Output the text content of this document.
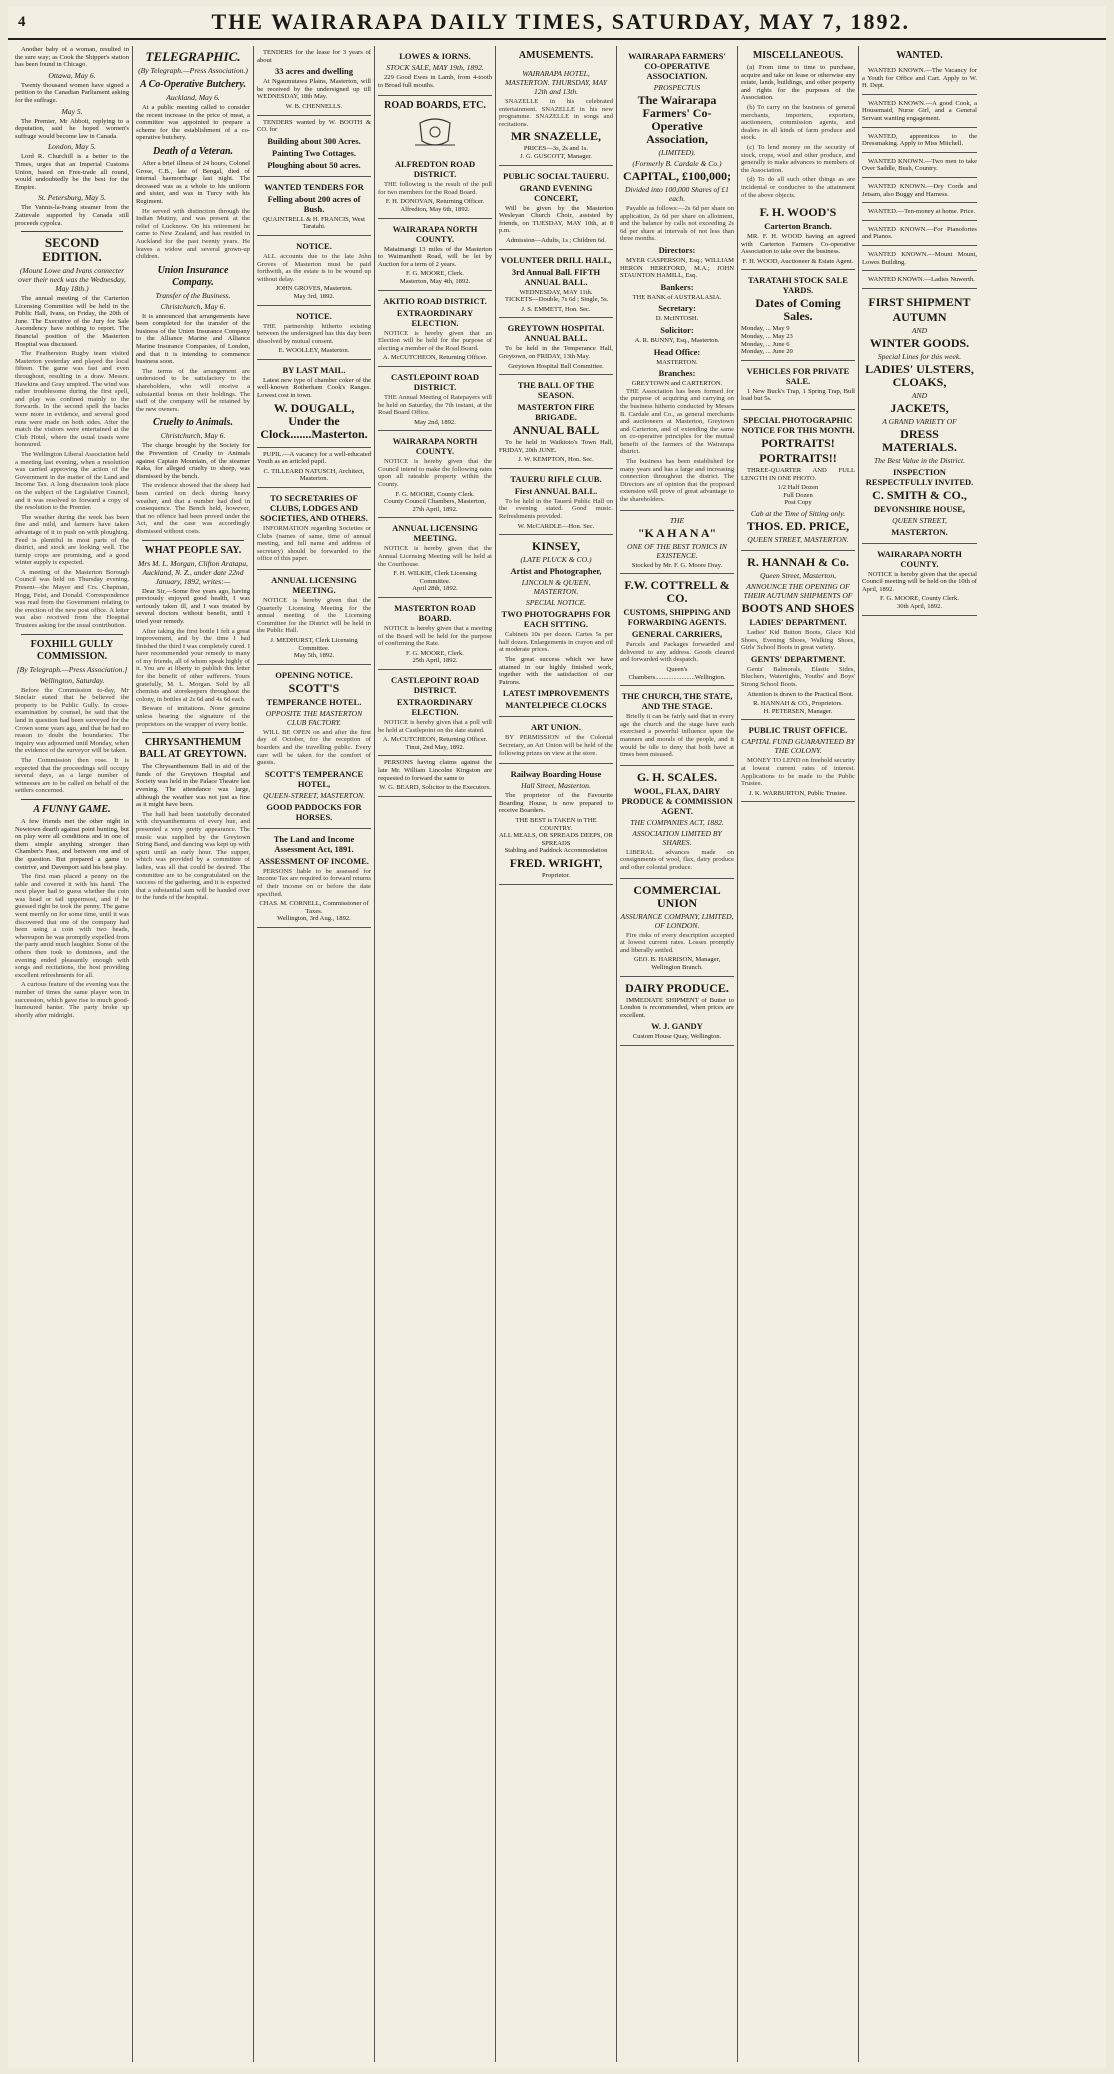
4	THE WAIRARAPA DAILY TIMES, SATURDAY, MAY 7, 1892.

Another baby of a woman, resulted in the sure way; as Cook the Shipper's station has been found in Chicago.

Ottawa, May 6.

Twenty thousand women have signed a petition to the Canadian Parliament asking for the suffrage.

May 5.

The Premier, Mr Abbott, replying to a deputation, said he hoped women's suffrage would become law in Canada.

London, May 5.

Lord R. Churchill is a better to the Times, urges that an Imperial Customs Union, based on Free-trade all round, would undoubtedly be the best for the Empire.

St. Petersburg, May 5.

The Vannis-la-Ivang steamer from the Zattevale supported by Canada still proceeds cypolca.

SECOND EDITION.
(Mount Lowe and Ivans connecter over their neck was the Wednesday, May 18th.)

The annual meeting of the Carterton Licensing Committee will be held in the Public Hall, Ivans, on Friday, the 20th of June. The Executive of the Jury for Sale Ascendency have nothing to report. The financial position of the Masterton Hospital was discussed.

The Featherston Rugby team visited Masterton yesterday and played the local fifteen. The game was fast and even throughout, resulting in a draw. Messrs. Hawkins and Gray umpired. The wind was rather troublesome during the first spell, and play was confined mainly to the forwards. In the second spell the backs were more in evidence, and several good runs were made on both sides. After the match the visitors were entertained at the Club Hotel, where the usual toasts were honoured.

The Wellington Liberal Association held a meeting last evening, when a resolution was carried approving the action of the Government in the matter of the Land and Income Tax. A long discussion took place on the subject of the Legislative Council, and it was resolved to forward a copy of the resolution to the Premier.

The weather during the week has been fine and mild, and farmers have taken advantage of it to push on with ploughing. Feed is plentiful in most parts of the district, and stock are looking well. The turnip crops are promising, and a good winter supply is expected.

A meeting of the Masterton Borough Council was held on Thursday evening. Present—the Mayor and Crs. Chapman, Hogg, Feist, and Donald. Correspondence was read from the Government relating to the erection of the new post office. A letter was also received from the Hospital Trustees asking for the usual contribution.

FOXHILL GULLY COMMISSION.
[By Telegraph.—Press Association.]
Wellington, Saturday.

Before the Commission to-day, Mr Sinclair stated that he believed the property to be Public Gully. In cross-examination by counsel, he said that the land in question had been surveyed for the Crown some years ago, and that he had no reason to doubt the boundaries. The inquiry was adjourned until Monday, when the evidence of the surveyor will be taken.

The Commission then rose. It is expected that the proceedings will occupy several days, as a large number of witnesses are to be called on behalf of the settlers concerned.

A FUNNY GAME.

A few friends met the other night in Newtown dearth against point hunting, but on play were all conditions and in one of them simple anything stronger than Chamber's Pass, and between one and of the question. But prepared a game to contrive, and Davenport said his best play.

The first man placed a penny on the table and covered it with his hand. The next player had to guess whether the coin was head or tail uppermost, and if he guessed right he took the penny. The game went merrily on for some time, until it was discovered that one of the company had been using a coin with two heads, whereupon he was promptly expelled from the party amid much laughter. Some of the others then took to dominoes, and the evening ended pleasantly enough with songs and recitations, the host providing excellent refreshments for all.

A curious feature of the evening was the number of times the same player won in succession, which gave rise to much good-humoured banter. The party broke up shortly after midnight.

TELEGRAPHIC.
(By Telegraph.—Press Association.)
A Co-Operative Butchery.
Auckland, May 6.

At a public meeting called to consider the recent increase in the price of meat, a committee was appointed to prepare a scheme for the establishment of a co-operative butchery.

Death of a Veteran.

After a brief illness of 24 hours, Colonel Grose, C.B., late of Bengal, died of internal haemorrhage last night. The deceased was as a whole to his uniform and sister, and was in Turcy with his Regiment.

He served with distinction through the Indian Mutiny, and was present at the relief of Lucknow. On his retirement he came to New Zealand, and has resided in Auckland for the past twenty years. He leaves a widow and several grown-up children.

Union Insurance Company.
Transfer of the Business.
Christchurch, May 6.

It is announced that arrangements have been completed for the transfer of the business of the Union Insurance Company to the Alliance Marine and Alliance Marine Insurance Companies, of London, and that it is intending to commence business soon.

The terms of the arrangement are understood to be satisfactory to the shareholders, who will receive a substantial bonus on their holdings. The staff of the company will be retained by the new owners.

Cruelty to Animals.
Christchurch, May 6.

The charge brought by the Society for the Prevention of Cruelty to Animals against Captain Mountain, of the steamer Kaka, for alleged cruelty to sheep, was dismissed by the bench.

The evidence showed that the sheep had been carried on deck during heavy weather, and that a number had died in consequence. The Bench held, however, that no offence had been proved under the Act, and the case was accordingly dismissed without costs.

WHAT PEOPLE SAY.
Mrs M. L. Morgan, Clifton Aratapu, Auckland, N. Z., under date 22nd January, 1892, writes:—

Dear Sir,—Some five years ago, having previously enjoyed good health, I was seriously taken ill, and I was treated by several doctors without benefit, until I tried your remedy.

After taking the first bottle I felt a great improvement, and by the time I had finished the third I was completely cured. I have recommended your remedy to many of my friends, all of whom speak highly of it. You are at liberty to publish this letter for the benefit of other sufferers. Yours gratefully, M. L. Morgan. Sold by all chemists and storekeepers throughout the colony, in bottles at 2s 6d and 4s 6d each.

Beware of imitations. None genuine unless bearing the signature of the proprietors on the wrapper of every bottle.

CHRYSANTHEMUM BALL AT GREYTOWN.

The Chrysanthemum Ball in aid of the funds of the Greytown Hospital and Society was held in the Palace Theatre last evening. The attendance was large, although the weather was not just as fine as it might have been.

The hall had been tastefully decorated with chrysanthemums of every hue, and presented a very pretty appearance. The music was supplied by the Greytown String Band, and dancing was kept up with spirit until an early hour. The supper, which was provided by a committee of ladies, was all that could be desired. The committee are to be congratulated on the success of the gathering, and it is expected that a substantial sum will be handed over to the funds of the hospital.

TENDERS for the lease for 3 years of about

33 acres and dwelling

At Ngaumutawa Plains, Masterton, will be received by the undersigned up till WEDNESDAY, 18th May.

W. B. CHENNELLS.

TENDERS wanted by W. BOOTH & CO. for

Building about 300 Acres.
Painting Two Cottages.
Ploughing about 50 acres.
WANTED TENDERS FOR
Felling about 200 acres of Bush.
QUAINTRELL & H. FRANCIS, West Taratahi.
NOTICE.

ALL accounts due to the late John Groves of Masterton must be paid forthwith, as the estate is to be wound up without delay.

JOHN GROVES, Masterton.
May 3rd, 1892.
NOTICE.

THE partnership hitherto existing between the undersigned has this day been dissolved by mutual consent.

E. WOOLLEY, Masterton.
BY LAST MAIL.

Latest new type of chamber coker of the well-known Rotherham Cook's Ranges. Lowest cost in town.

W. DOUGALL, Under the Clock.......Masterton.

PUPIL.—A vacancy for a well-educated Youth as an articled pupil.

C. TILLEARD NATUSCH, Architect, Masterton.
TO SECRETARIES OF CLUBS, LODGES AND SOCIETIES, AND OTHERS.

INFORMATION regarding Societies or Clubs (names of same, time of annual meeting, and full name and address of secretary) should be forwarded to the office of this paper.

ANNUAL LICENSING MEETING.

NOTICE is hereby given that the Quarterly Licensing Meeting for the annual meeting of the Licensing Committee for the District will be held in the Public Hall.

J. MEDHURST, Clerk Licensing Committee.
May 5th, 1892.
OPENING NOTICE.
SCOTT'S
TEMPERANCE HOTEL.
OPPOSITE THE MASTERTON CLUB FACTORY.

WILL BE OPEN on and after the first day of October, for the reception of boarders and the travelling public. Every care will be taken for the comfort of guests.

SCOTT'S TEMPERANCE HOTEL,
QUEEN-STREET, MASTERTON.
GOOD PADDOCKS FOR HORSES.
The Land and Income Assessment Act, 1891.
ASSESSMENT OF INCOME.

PERSONS liable to be assessed for Income Tax are required to forward returns of their income on or before the date specified.

CHAS. M. CORNELL, Commissioner of Taxes.
Wellington, 3rd Aug., 1892.
LOWES & IORNS.
STOCK SALE, MAY 19th, 1892.

229 Good Ewes in Lamb, from 4-tooth to Broad full mouths.

ROAD BOARDS, ETC.
ALFREDTON ROAD DISTRICT.

THE following is the result of the poll for two members for the Road Board.

F. H. DONOVAN, Returning Officer.
Alfredton, May 6th, 1892.
WAIRARAPA NORTH COUNTY.

Mataimangi 13 miles of the Masterton to Waimanihoti Road, will be let by Auction for a term of 2 years.

F. G. MOORE, Clerk.
Masterton, May 4th, 1892.
AKITIO ROAD DISTRICT.
EXTRAORDINARY ELECTION.

NOTICE is hereby given that an Election will be held for the purpose of electing a member of the Road Board.

A. McCUTCHEON, Returning Officer.
CASTLEPOINT ROAD DISTRICT.

THE Annual Meeting of Ratepayers will be held on Saturday, the 7th instant, at the Road Board Office.

May 2nd, 1892.
WAIRARAPA NORTH COUNTY.

NOTICE is hereby given that the Council intend to make the following rates upon all rateable property within the County.

F. G. MOORE, County Clerk.
County Council Chambers, Masterton, 27th April, 1892.
ANNUAL LICENSING MEETING.

NOTICE is hereby given that the Annual Licensing Meeting will be held at the Courthouse.

F. H. WILKIE, Clerk Licensing Committee.
April 28th, 1892.
MASTERTON ROAD BOARD.

NOTICE is hereby given that a meeting of the Board will be held for the purpose of confirming the Rate.

F. G. MOORE, Clerk.
25th April, 1892.
CASTLEPOINT ROAD DISTRICT.
EXTRAORDINARY ELECTION.

NOTICE is hereby given that a poll will be held at Castlepoint on the date stated.

A. McCUTCHEON, Returning Officer.
Tinui, 2nd May, 1892.

PERSONS having claims against the late Mr. William Lincolne Kingston are requested to forward the same to

W. G. BEARD, Solicitor to the Executors.
AMUSEMENTS.
WAIRARAPA HOTEL, MASTERTON. THURSDAY, MAY 12th and 13th.

SNAZELLE in his celebrated entertainment. SNAZELLE in his new programme. SNAZELLE in songs and recitations.

MR SNAZELLE,
PRICES—3s, 2s and 1s.
J. G. GUSCOTT, Manager.
PUBLIC SOCIAL TAUERU.
GRAND EVENING CONCERT,

Will be given by the Masterton Wesleyan Church Choir, assisted by friends, on TUESDAY, MAY 10th, at 8 p.m.

Admission—Adults, 1s ; Children 6d.
VOLUNTEER DRILL HALL,
3rd Annual Ball. FIFTH ANNUAL BALL.
WEDNESDAY, MAY 11th.

TICKETS—Double, 7s 6d ; Single, 5s.

J. S. EMMETT, Hon. Sec.
GREYTOWN HOSPITAL ANNUAL BALL.

To be held in the Temperance Hall, Greytown, on FRIDAY, 13th May.

Greytown Hospital Ball Committee.
THE BALL OF THE SEASON.
MASTERTON FIRE BRIGADE.
ANNUAL BALL

To be held in Waiktoto's Town Hall, FRIDAY, 20th JUNE.

J. W. KEMPTON, Hon. Sec.
TAUERU RIFLE CLUB.
First ANNUAL BALL.

To be held in the Tauerú Public Hall on the evening stated. Good music. Refreshments provided.

W. McCARDLE—Hon. Sec.
KINSEY,
(LATE PLUCK & CO.)
Artist and Photographer,
LINCOLN & QUEEN, MASTERTON.
SPECIAL NOTICE.
TWO PHOTOGRAPHS FOR EACH SITTING.

Cabinets 10s per dozen. Cartes 5s per half dozen. Enlargements in crayon and oil at moderate prices.

The great success which we have attained in our highly finished work, together with the satisfaction of our Patrons.

LATEST IMPROVEMENTS
MANTELPIECE CLOCKS
ART UNION.

BY PERMISSION of the Colonial Secretary, an Art Union will be held of the following prizes on view at the store.

Railway Boarding House
Hall Street, Masterton.

The proprietor of the Favourite Boarding House, is now prepared to receive Boarders.

THE BEST is TAKEN in THE COUNTRY.
ALL MEALS, OR SPREADS DEEPS, OR SPREADS
Stabling and Paddock Accommodation
FRED. WRIGHT,
Proprietor.
WAIRARAPA FARMERS' CO-OPERATIVE ASSOCIATION.
PROSPECTUS
The Wairarapa Farmers' Co-Operative Association,
(LIMITED).
(Formerly B. Cardale & Co.)
CAPITAL, £100,000;
Divided into 100,000 Shares of £1 each.

Payable as follows:—2s 6d per share on application, 2s 6d per share on allotment, and the balance by calls not exceeding 2s 6d per share at intervals of not less than three months.

Directors:

MYER CASPERSON, Esq.; WILLIAM HERON HEREFORD, M.A.; JOHN STAUNTON HAMILL, Esq.

Bankers:
THE BANK of AUSTRALASIA.
Secretary:
D. McINTOSH.
Solicitor:
A. R. BUNNY, Esq., Masterton.
Head Office:
MASTERTON.
Branches:
GREYTOWN and CARTERTON.

THE Association has been formed for the purpose of acquiring and carrying on the business hitherto conducted by Messrs B. Cardale and Co., as general merchants and auctioneers at Masterton, Greytown and Carterton, and of extending the same on co-operative principles for the mutual benefit of the farmers of the Wairarapa district.

The business has been established for many years and has a large and increasing connection throughout the district. The Directors are of opinion that the proposed extension will prove of great advantage to the shareholders.

THE
"K A H A N A"
ONE OF THE BEST TONICS IN EXISTENCE.
Stocked by Mr. F. G. Moore Dray.
F.W. COTTRELL & CO.
CUSTOMS, SHIPPING AND FORWARDING AGENTS.
GENERAL CARRIERS,

Parcels and Packages forwarded and delivered to any address. Goods cleared and forwarded with despatch.

Queen's Chambers........................Wellington.
THE CHURCH, THE STATE, AND THE STAGE.

Briefly it can be fairly said that in every age the church and the stage have each exercised a powerful influence upon the manners and morals of the people, and it would be idle to deny that both have at times been misused.

G. H. SCALES.
WOOL, FLAX, DAIRY PRODUCE & COMMISSION AGENT.
THE COMPANIES ACT, 1882.
ASSOCIATION LIMITED BY SHARES.

LIBERAL advances made on consignments of wool, flax, dairy produce and other colonial produce.

COMMERCIAL UNION
ASSURANCE COMPANY, LIMITED, OF LONDON.

Fire risks of every description accepted at lowest current rates. Losses promptly and liberally settled.

GEO. B. HARRISON, Manager, Wellington Branch.
DAIRY PRODUCE.

IMMEDIATE SHIPMENT of Butter to London is recommended, when prices are excellent.

W. J. GANDY
Custom House Quay, Wellington.
MISCELLANEOUS.

(a) From time to time to purchase, acquire and take on lease or otherwise any estate, lands, buildings, and other property and rights for the purposes of the Association.

(b) To carry on the business of general merchants, importers, exporters, auctioneers, commission agents, and dealers in all kinds of farm produce and stock.

(c) To lend money on the security of stock, crops, wool and other produce, and generally to make advances to members of the Association.

(d) To do all such other things as are incidental or conducive to the attainment of the above objects.

F. H. WOOD'S
Carterton Branch.

MR. F. H. WOOD having an agreed with Carterton Farmers Co-operative Association to take over the business.

F. H. WOOD, Auctioneer & Estate Agent.
TARATAHI STOCK SALE YARDS.
Dates of Coming Sales.
Monday, ... May 9
Monday, ... May 23
Monday, ... June 6
Monday, ... June 20
VEHICLES FOR PRIVATE SALE.

1 New Buck's Trap, 1 Spring Trap, Bull load but 5s.

SPECIAL PHOTOGRAPHIC NOTICE FOR THIS MONTH.
PORTRAITS!
PORTRAITS!!

THREE-QUARTER AND FULL LENGTH IN ONE PHOTO.

1/2 Half Dozen
Full Dozen
Post Copy
Cab at the Time of Sitting only.
THOS. ED. PRICE,
QUEEN STREET, MASTERTON.
R. HANNAH & Co.
Queen Street, Masterton,
ANNOUNCE THE OPENING OF THEIR AUTUMN SHIPMENTS OF
BOOTS AND SHOES
LADIES' DEPARTMENT.

Ladies' Kid Button Boots, Glace Kid Shoes, Evening Shoes, Walking Shoes, Girls' School Boots in great variety.

GENTS' DEPARTMENT.

Gents' Balmorals, Elastic Sides, Bluchers, Watertights, Youths' and Boys' Strong School Boots.

Attention is drawn to the Practical Boot.

R. HANNAH & CO., Proprietors.
H. PETERSEN, Manager.
PUBLIC TRUST OFFICE.
CAPITAL FUND GUARANTEED BY THE COLONY.

MONEY TO LEND on freehold security at lowest current rates of interest. Applications to be made to the Public Trustee.

J. K. WARBURTON, Public Trustee.
WANTED.

WANTED KNOWN.—The Vacancy for a Youth for Office and Cart. Apply to W. H. Dept.

WANTED KNOWN.—A good Cook, a Housemaid, Nurse Girl, and a General Servant wanting engagement.

WANTED, apprentices to the Dressmaking. Apply to Miss Mitchell.

WANTED KNOWN.—Two men to take Over Saddle, Bush, Country.

WANTED KNOWN.—Dry Cords and Jetsam, also Buggy and Harness.

WANTED.—Ten-money at home. Price.

WANTED KNOWN.—For Pianofortes and Pianos.

WANTED KNOWN.—Mount Mount, Lowes Building.

WANTED KNOWN.—Ladies Nuwerth.

FIRST SHIPMENT
AUTUMN
AND
WINTER GOODS.
Special Lines for this week.
LADIES' ULSTERS, CLOAKS,
AND
JACKETS,
A GRAND VARIETY OF
DRESS MATERIALS.
The Best Value in the District.
INSPECTION RESPECTFULLY INVITED.
C. SMITH & CO.,
DEVONSHIRE HOUSE,
QUEEN STREET,
MASTERTON.
WAIRARAPA NORTH COUNTY.

NOTICE is hereby given that the special Council meeting will be held on the 10th of April, 1892.

F. G. MOORE, County Clerk.
30th April, 1892.
